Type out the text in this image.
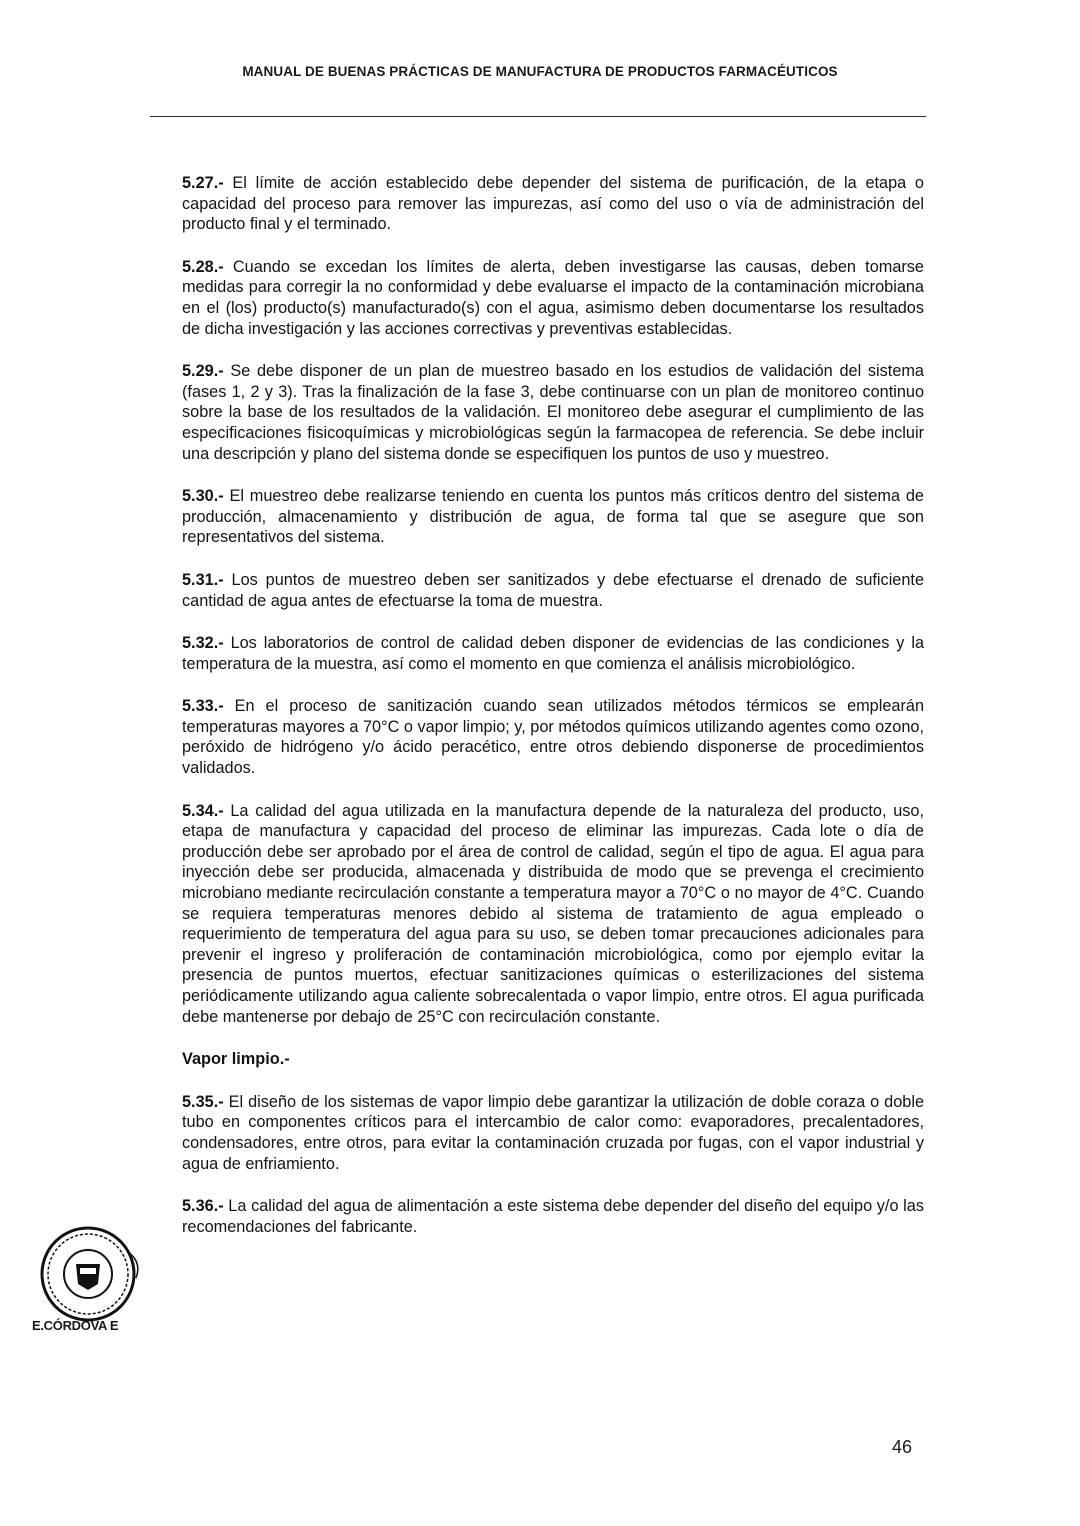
MANUAL DE BUENAS PRÁCTICAS DE MANUFACTURA DE PRODUCTOS FARMACÉUTICOS

5.27.- El límite de acción establecido debe depender del sistema de purificación, de la etapa o capacidad del proceso para remover las impurezas, así como del uso o vía de administración del producto final y el terminado.

5.28.- Cuando se excedan los límites de alerta, deben investigarse las causas, deben tomarse medidas para corregir la no conformidad y debe evaluarse el impacto de la contaminación microbiana en el (los) producto(s) manufacturado(s) con el agua, asimismo deben documentarse los resultados de dicha investigación y las acciones correctivas y preventivas establecidas.

5.29.- Se debe disponer de un plan de muestreo basado en los estudios de validación del sistema (fases 1, 2 y 3). Tras la finalización de la fase 3, debe continuarse con un plan de monitoreo continuo sobre la base de los resultados de la validación. El monitoreo debe asegurar el cumplimiento de las especificaciones fisicoquímicas y microbiológicas según la farmacopea de referencia. Se debe incluir una descripción y plano del sistema donde se especifiquen los puntos de uso y muestreo.

5.30.- El muestreo debe realizarse teniendo en cuenta los puntos más críticos dentro del sistema de producción, almacenamiento y distribución de agua, de forma tal que se asegure que son representativos del sistema.

5.31.- Los puntos de muestreo deben ser sanitizados y debe efectuarse el drenado de suficiente cantidad de agua antes de efectuarse la toma de muestra.

5.32.- Los laboratorios de control de calidad deben disponer de evidencias de las condiciones y la temperatura de la muestra, así como el momento en que comienza el análisis microbiológico.

5.33.- En el proceso de sanitización cuando sean utilizados métodos térmicos se emplearán temperaturas mayores a 70°C o vapor limpio; y, por métodos químicos utilizando agentes como ozono, peróxido de hidrógeno y/o ácido peracético, entre otros debiendo disponerse de procedimientos validados.

5.34.- La calidad del agua utilizada en la manufactura depende de la naturaleza del producto, uso, etapa de manufactura y capacidad del proceso de eliminar las impurezas. Cada lote o día de producción debe ser aprobado por el área de control de calidad, según el tipo de agua. El agua para inyección debe ser producida, almacenada y distribuida de modo que se prevenga el crecimiento microbiano mediante recirculación constante a temperatura mayor a 70°C o no mayor de 4°C. Cuando se requiera temperaturas menores debido al sistema de tratamiento de agua empleado o requerimiento de temperatura del agua para su uso, se deben tomar precauciones adicionales para prevenir el ingreso y proliferación de contaminación microbiológica, como por ejemplo evitar la presencia de puntos muertos, efectuar sanitizaciones químicas o esterilizaciones del sistema periódicamente utilizando agua caliente sobrecalentada o vapor limpio, entre otros. El agua purificada debe mantenerse por debajo de 25°C con recirculación constante.

Vapor limpio.-

5.35.- El diseño de los sistemas de vapor limpio debe garantizar la utilización de doble coraza o doble tubo en componentes críticos para el intercambio de calor como: evaporadores, precalentadores, condensadores, entre otros, para evitar la contaminación cruzada por fugas, con el vapor industrial y agua de enfriamiento.

5.36.- La calidad del agua de alimentación a este sistema debe depender del diseño del equipo y/o las recomendaciones del fabricante.

E.CÓRDOVA E
46
